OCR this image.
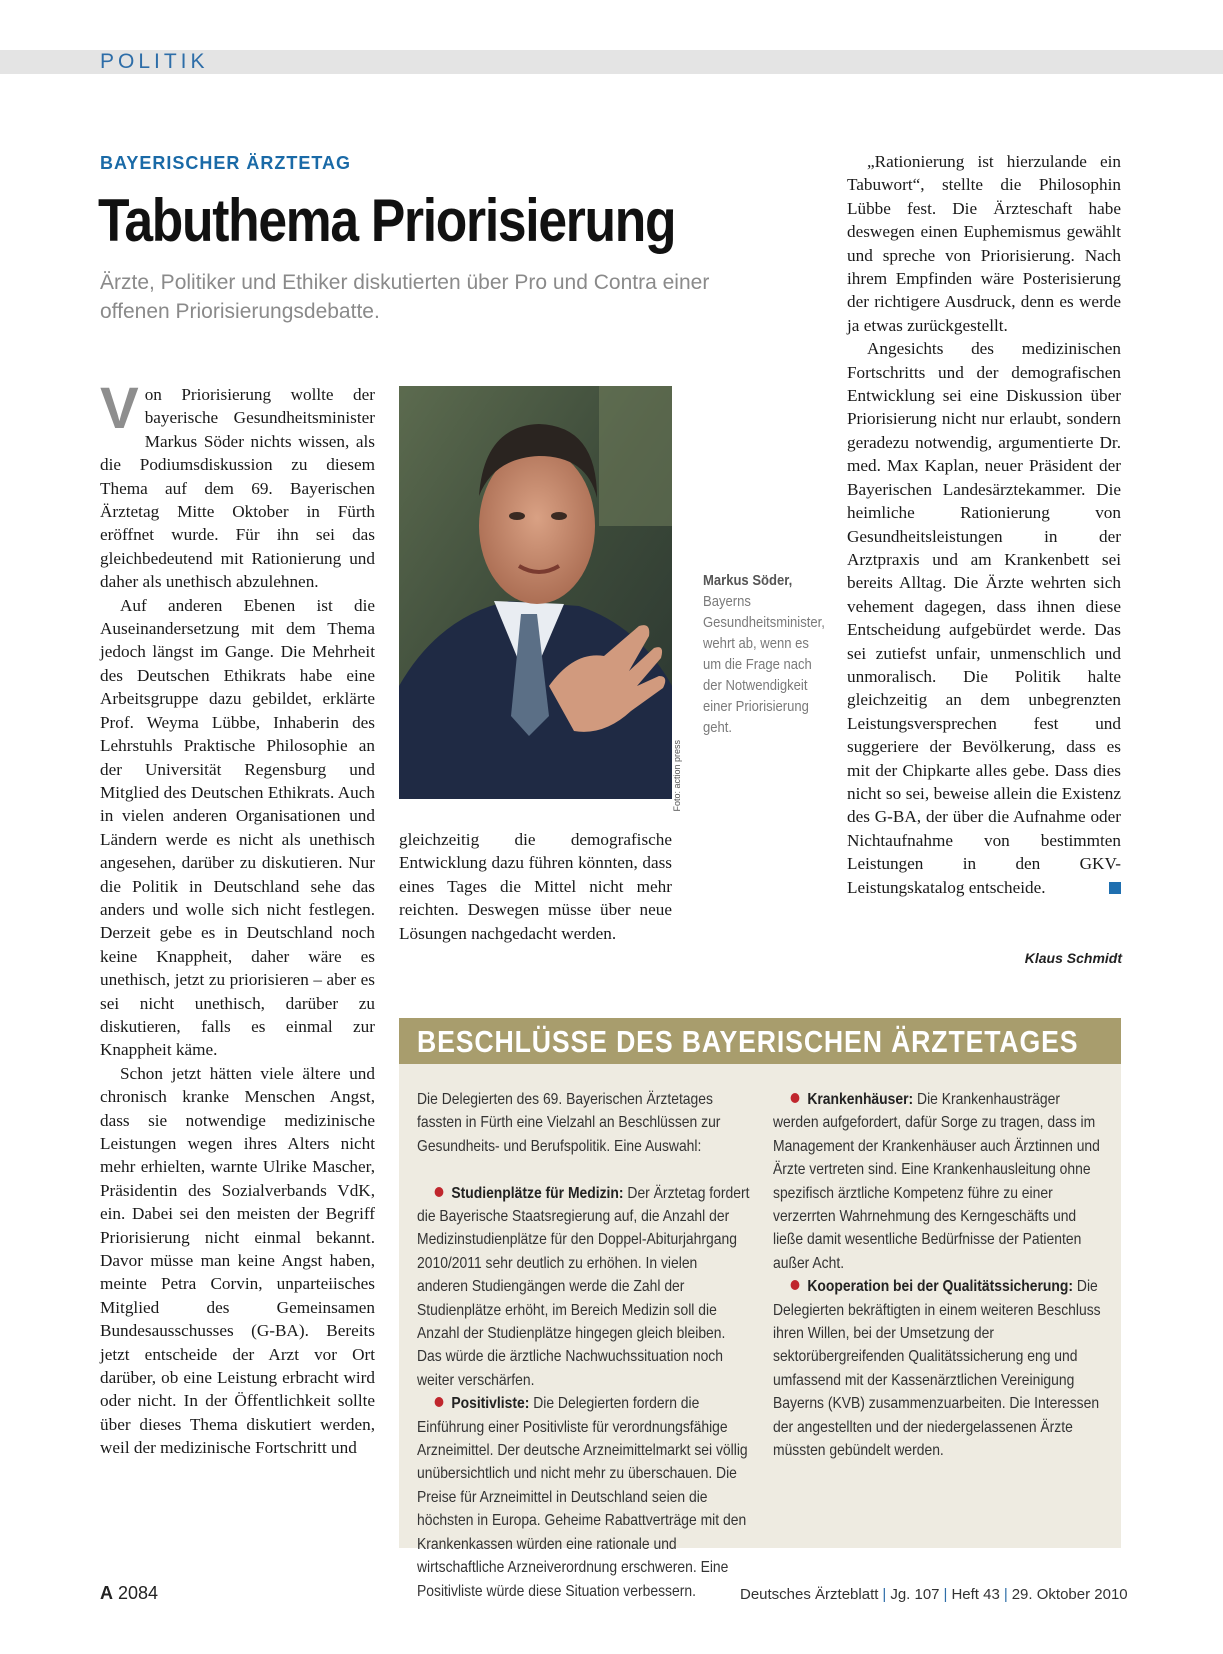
POLITIK
BAYERISCHER ÄRZTETAG
Tabuthema Priorisierung
Ärzte, Politiker und Ethiker diskutierten über Pro und Contra einer offenen Priorisierungsdebatte.

Von Priorisierung wollte der bayerische Gesundheitsminister Markus Söder nichts wissen, als die Podiumsdiskussion zu diesem Thema auf dem 69. Bayerischen Ärztetag Mitte Oktober in Fürth eröffnet wurde. Für ihn sei das gleichbedeutend mit Rationierung und daher als unethisch abzulehnen.

Auf anderen Ebenen ist die Auseinandersetzung mit dem Thema jedoch längst im Gange. Die Mehrheit des Deutschen Ethikrats habe eine Arbeitsgruppe dazu gebildet, erklärte Prof. Weyma Lübbe, Inhaberin des Lehrstuhls Praktische Philosophie an der Universität Regensburg und Mitglied des Deutschen Ethikrats. Auch in vielen anderen Organisationen und Ländern werde es nicht als unethisch angesehen, darüber zu diskutieren. Nur die Politik in Deutschland sehe das anders und wolle sich nicht festlegen. Derzeit gebe es in Deutschland noch keine Knappheit, daher wäre es unethisch, jetzt zu priorisieren – aber es sei nicht unethisch, darüber zu diskutieren, falls es einmal zur Knappheit käme.

Schon jetzt hätten viele ältere und chronisch kranke Menschen Angst, dass sie notwendige medizinische Leistungen wegen ihres Alters nicht mehr erhielten, warnte Ulrike Mascher, Präsidentin des Sozialverbands VdK, ein. Dabei sei den meisten der Begriff Priorisierung nicht einmal bekannt. Davor müsse man keine Angst haben, meinte Petra Corvin, unparteiisches Mitglied des Gemeinsamen Bundesausschusses (G-BA). Bereits jetzt entscheide der Arzt vor Ort darüber, ob eine Leistung erbracht wird oder nicht. In der Öffentlichkeit sollte über dieses Thema diskutiert werden, weil der medizinische Fortschritt und

Foto: action press
Markus Söder, Bayerns Gesundheitsminister, wehrt ab, wenn es um die Frage nach der Notwendigkeit einer Priorisierung geht.

gleichzeitig die demografische Entwicklung dazu führen könnten, dass eines Tages die Mittel nicht mehr reichten. Deswegen müsse über neue Lösungen nachgedacht werden.

„Rationierung ist hierzulande ein Tabuwort“, stellte die Philosophin Lübbe fest. Die Ärzteschaft habe deswegen einen Euphemismus gewählt und spreche von Priorisierung. Nach ihrem Empfinden wäre Posterisierung der richtigere Ausdruck, denn es werde ja etwas zurückgestellt.

Angesichts des medizinischen Fortschritts und der demografischen Entwicklung sei eine Diskussion über Priorisierung nicht nur erlaubt, sondern geradezu notwendig, argumentierte Dr. med. Max Kaplan, neuer Präsident der Bayerischen Landesärztekammer. Die heimliche Rationierung von Gesundheitsleistungen in der Arztpraxis und am Krankenbett sei bereits Alltag. Die Ärzte wehrten sich vehement dagegen, dass ihnen diese Entscheidung aufgebürdet werde. Das sei zutiefst unfair, unmenschlich und unmoralisch. Die Politik halte gleichzeitig an dem unbegrenzten Leistungsversprechen fest und suggeriere der Bevölkerung, dass es mit der Chipkarte alles gebe. Dass dies nicht so sei, beweise allein die Existenz des G-BA, der über die Aufnahme oder Nichtaufnahme von bestimmten Leistungen in den GKV-Leistungskatalog entscheide.

Klaus Schmidt
BESCHLÜSSE DES BAYERISCHEN ÄRZTETAGES

Die Delegierten des 69. Bayerischen Ärztetages fassten in Fürth eine Vielzahl an Beschlüssen zur Gesundheits- und Berufspolitik. Eine Auswahl:

Studienplätze für Medizin: Der Ärztetag fordert die Bayerische Staatsregierung auf, die Anzahl der Medizinstudienplätze für den Doppel-Abiturjahrgang 2010/2011 sehr deutlich zu erhöhen. In vielen anderen Studiengängen werde die Zahl der Studienplätze erhöht, im Bereich Medizin soll die Anzahl der Studienplätze hingegen gleich bleiben. Das würde die ärztliche Nachwuchssituation noch weiter verschärfen.

Positivliste: Die Delegierten fordern die Einführung einer Positivliste für verordnungsfähige Arzneimittel. Der deutsche Arzneimittelmarkt sei völlig unübersichtlich und nicht mehr zu überschauen. Die Preise für Arzneimittel in Deutschland seien die höchsten in Europa. Geheime Rabattverträge mit den Krankenkassen würden eine rationale und wirtschaftliche Arzneiverordnung erschweren. Eine Positivliste würde diese Situation verbessern.

Krankenhäuser: Die Krankenhausträger werden aufgefordert, dafür Sorge zu tragen, dass im Management der Krankenhäuser auch Ärztinnen und Ärzte vertreten sind. Eine Krankenhausleitung ohne spezifisch ärztliche Kompetenz führe zu einer verzerrten Wahrnehmung des Kerngeschäfts und ließe damit wesentliche Bedürfnisse der Patienten außer Acht.

Kooperation bei der Qualitätssicherung: Die Delegierten bekräftigten in einem weiteren Beschluss ihren Willen, bei der Umsetzung der sektorübergreifenden Qualitätssicherung eng und umfassend mit der Kassenärztlichen Vereinigung Bayerns (KVB) zusammenzuarbeiten. Die Interessen der angestellten und der niedergelassenen Ärzte müssten gebündelt werden.

A 2084	Deutsches Ärzteblatt | Jg. 107 | Heft 43 | 29. Oktober 2010
